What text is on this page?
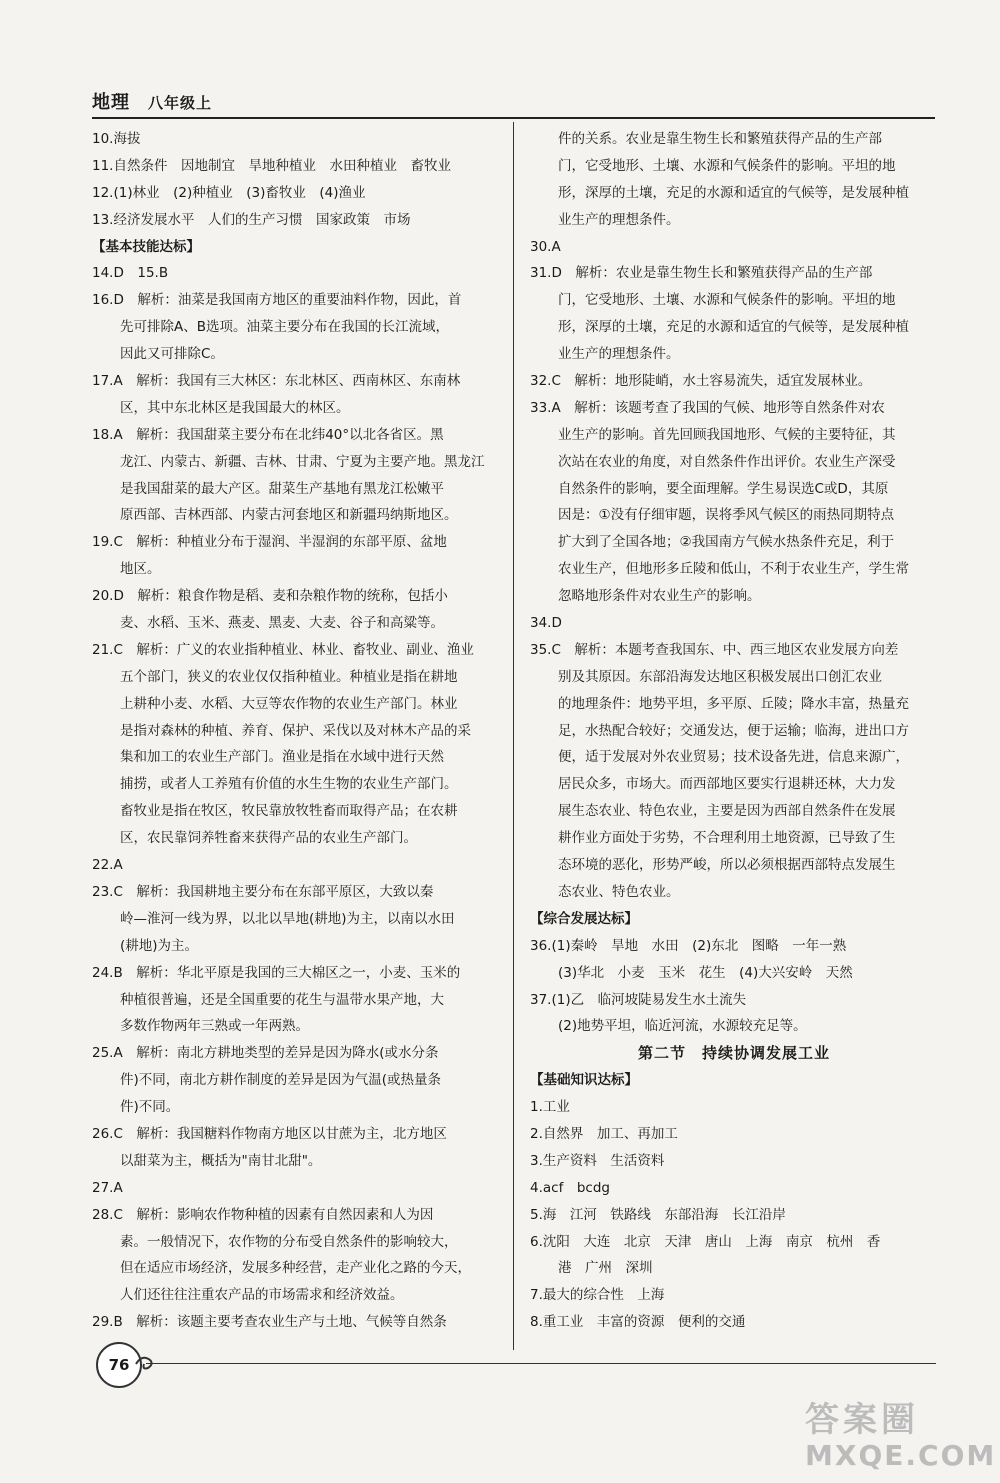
地理 八年级上
10.海拔
11.自然条件　因地制宜　旱地种植业　水田种植业　畜牧业
12.(1)林业　(2)种植业　(3)畜牧业　(4)渔业
13.经济发展水平　人们的生产习惯　国家政策　市场
【基本技能达标】
14.D　15.B
16.D　解析：油菜是我国南方地区的重要油料作物，因此，首
先可排除A、B选项。油菜主要分布在我国的长江流域，
因此又可排除C。
17.A　解析：我国有三大林区：东北林区、西南林区、东南林
区，其中东北林区是我国最大的林区。
18.A　解析：我国甜菜主要分布在北纬40°以北各省区。黑
龙江、内蒙古、新疆、吉林、甘肃、宁夏为主要产地。黑龙江
是我国甜菜的最大产区。甜菜生产基地有黑龙江松嫩平
原西部、吉林西部、内蒙古河套地区和新疆玛纳斯地区。
19.C　解析：种植业分布于湿润、半湿润的东部平原、盆地
地区。
20.D　解析：粮食作物是稻、麦和杂粮作物的统称，包括小
麦、水稻、玉米、燕麦、黑麦、大麦、谷子和高粱等。
21.C　解析：广义的农业指种植业、林业、畜牧业、副业、渔业
五个部门，狭义的农业仅仅指种植业。种植业是指在耕地
上耕种小麦、水稻、大豆等农作物的农业生产部门。林业
是指对森林的种植、养育、保护、采伐以及对林木产品的采
集和加工的农业生产部门。渔业是指在水域中进行天然
捕捞，或者人工养殖有价值的水生生物的农业生产部门。
畜牧业是指在牧区，牧民靠放牧牲畜而取得产品；在农耕
区，农民靠饲养牲畜来获得产品的农业生产部门。
22.A
23.C　解析：我国耕地主要分布在东部平原区，大致以秦
岭—淮河一线为界，以北以旱地(耕地)为主，以南以水田
(耕地)为主。
24.B　解析：华北平原是我国的三大棉区之一，小麦、玉米的
种植很普遍，还是全国重要的花生与温带水果产地，大
多数作物两年三熟或一年两熟。
25.A　解析：南北方耕地类型的差异是因为降水(或水分条
件)不同，南北方耕作制度的差异是因为气温(或热量条
件)不同。
26.C　解析：我国糖料作物南方地区以甘蔗为主，北方地区
以甜菜为主，概括为"南甘北甜"。
27.A
28.C　解析：影响农作物种植的因素有自然因素和人为因
素。一般情况下，农作物的分布受自然条件的影响较大，
但在适应市场经济，发展多种经营，走产业化之路的今天，
人们还往往注重农产品的市场需求和经济效益。
29.B　解析：该题主要考查农业生产与土地、气候等自然条
件的关系。农业是靠生物生长和繁殖获得产品的生产部
门，它受地形、土壤、水源和气候条件的影响。平坦的地
形，深厚的土壤，充足的水源和适宜的气候等，是发展种植
业生产的理想条件。
30.A
31.D　解析：农业是靠生物生长和繁殖获得产品的生产部
门，它受地形、土壤、水源和气候条件的影响。平坦的地
形，深厚的土壤，充足的水源和适宜的气候等，是发展种植
业生产的理想条件。
32.C　解析：地形陡峭，水土容易流失，适宜发展林业。
33.A　解析：该题考查了我国的气候、地形等自然条件对农
业生产的影响。首先回顾我国地形、气候的主要特征，其
次站在农业的角度，对自然条件作出评价。农业生产深受
自然条件的影响，要全面理解。学生易误选C或D，其原
因是：①没有仔细审题，误将季风气候区的雨热同期特点
扩大到了全国各地；②我国南方气候水热条件充足，利于
农业生产，但地形多丘陵和低山，不利于农业生产，学生常
忽略地形条件对农业生产的影响。
34.D
35.C　解析：本题考查我国东、中、西三地区农业发展方向差
别及其原因。东部沿海发达地区积极发展出口创汇农业
的地理条件：地势平坦，多平原、丘陵；降水丰富，热量充
足，水热配合较好；交通发达，便于运输；临海，进出口方
便，适于发展对外农业贸易；技术设备先进，信息来源广，
居民众多，市场大。而西部地区要实行退耕还林，大力发
展生态农业、特色农业，主要是因为西部自然条件在发展
耕作业方面处于劣势，不合理利用土地资源，已导致了生
态环境的恶化，形势严峻，所以必须根据西部特点发展生
态农业、特色农业。
【综合发展达标】
36.(1)秦岭　旱地　水田　(2)东北　图略　一年一熟
(3)华北　小麦　玉米　花生　(4)大兴安岭　天然
37.(1)乙　临河坡陡易发生水土流失
(2)地势平坦，临近河流，水源较充足等。
第二节　持续协调发展工业
【基础知识达标】
1.工业
2.自然界　加工、再加工
3.生产资料　生活资料
4.acf　bcdg
5.海　江河　铁路线　东部沿海　长江沿岸
6.沈阳　大连　北京　天津　唐山　上海　南京　杭州　香
港　广州　深圳
7.最大的综合性　上海
8.重工业　丰富的资源　便利的交通
76
答案圈
MXQE.COM
